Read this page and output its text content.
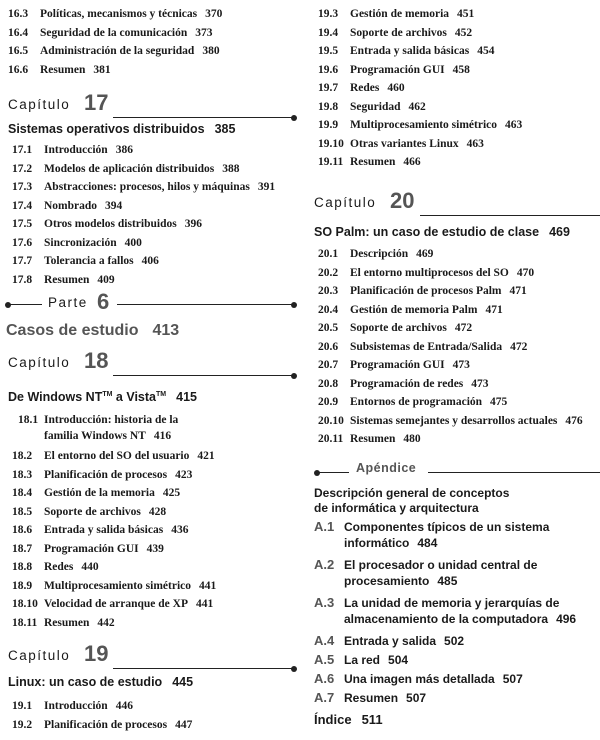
16.3 Políticas, mecanismos y técnicas 370
16.4 Seguridad de la comunicación 373
16.5 Administración de la seguridad 380
16.6 Resumen 381
Capítulo 17
Sistemas operativos distribuidos 385
17.1 Introducción 386
17.2 Modelos de aplicación distribuidos 388
17.3 Abstracciones: procesos, hilos y máquinas 391
17.4 Nombrado 394
17.5 Otros modelos distribuidos 396
17.6 Sincronización 400
17.7 Tolerancia a fallos 406
17.8 Resumen 409
Parte 6
Casos de estudio 413
Capítulo 18
De Windows NT™ a Vista™ 415
18.1 Introducción: historia de la
familia Windows NT 416
18.2 El entorno del SO del usuario 421
18.3 Planificación de procesos 423
18.4 Gestión de la memoria 425
18.5 Soporte de archivos 428
18.6 Entrada y salida básicas 436
18.7 Programación GUI 439
18.8 Redes 440
18.9 Multiprocesamiento simétrico 441
18.10 Velocidad de arranque de XP 441
18.11 Resumen 442
Capítulo 19
Linux: un caso de estudio 445
19.1 Introducción 446
19.2 Planificación de procesos 447
19.3 Gestión de memoria 451
19.4 Soporte de archivos 452
19.5 Entrada y salida básicas 454
19.6 Programación GUI 458
19.7 Redes 460
19.8 Seguridad 462
19.9 Multiprocesamiento simétrico 463
19.10 Otras variantes Linux 463
19.11 Resumen 466
Capítulo 20
SO Palm: un caso de estudio de clase 469
20.1 Descripción 469
20.2 El entorno multiprocesos del SO 470
20.3 Planificación de procesos Palm 471
20.4 Gestión de memoria Palm 471
20.5 Soporte de archivos 472
20.6 Subsistemas de Entrada/Salida 472
20.7 Programación GUI 473
20.8 Programación de redes 473
20.9 Entornos de programación 475
20.10 Sistemas semejantes y desarrollos actuales 476
20.11 Resumen 480
Apéndice
Descripción general de conceptos
de informática y arquitectura
A.1 Componentes típicos de un sistema
informático 484
A.2 El procesador o unidad central de
procesamiento 485
A.3 La unidad de memoria y jerarquías de
almacenamiento de la computadora 496
A.4 Entrada y salida 502
A.5 La red 504
A.6 Una imagen más detallada 507
A.7 Resumen 507
Índice 511
